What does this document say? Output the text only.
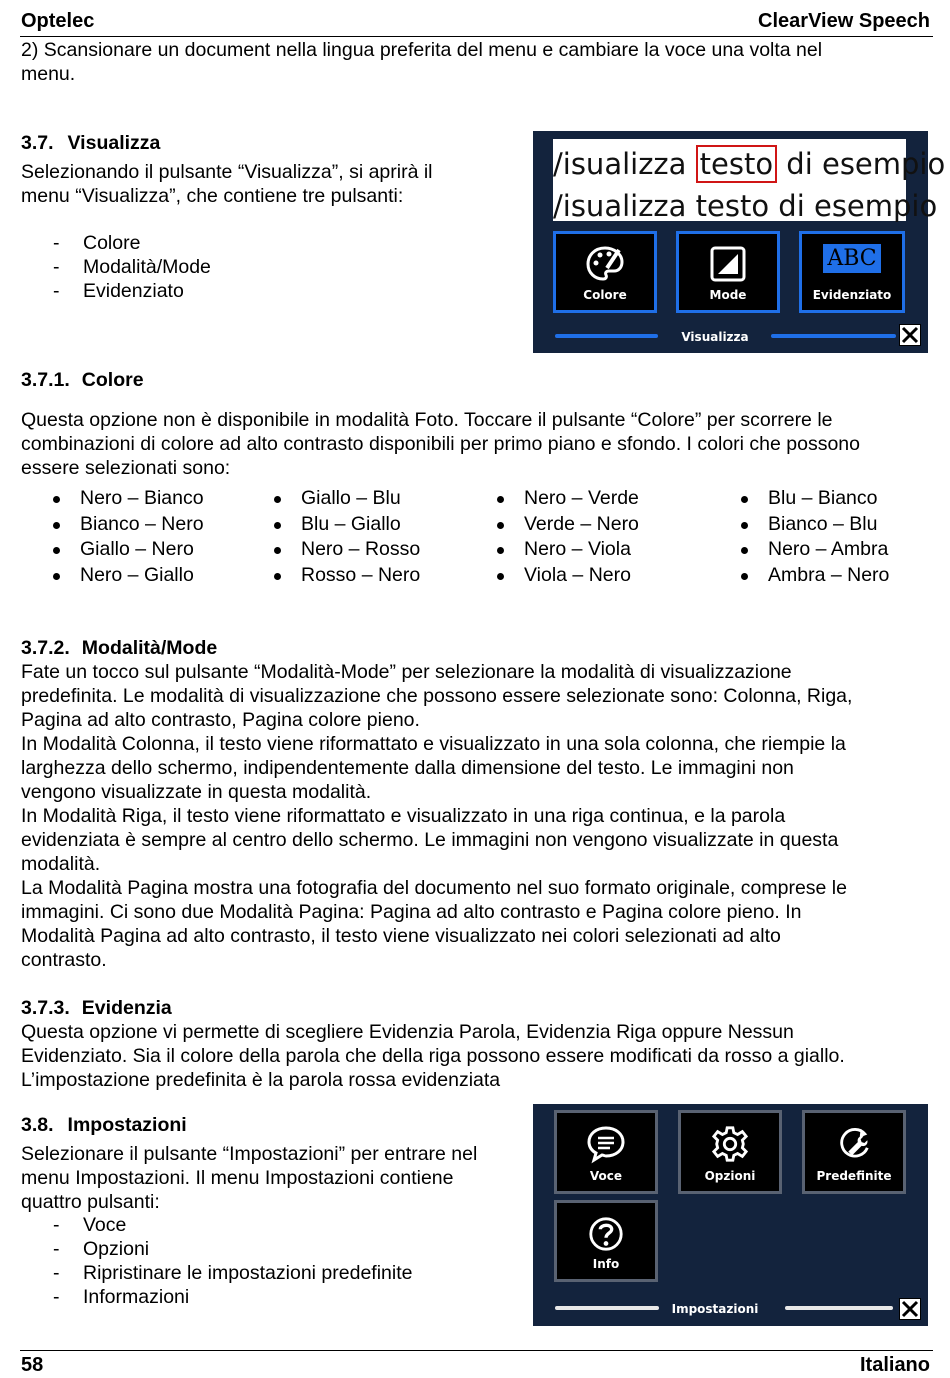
Optelec	ClearView Speech
2) Scansionare un document nella lingua preferita del menu e cambiare la voce una volta nel
menu.
3.7. Visualizza
Selezionando il pulsante “Visualizza”, si aprirà il
menu “Visualizza”, che contiene tre pulsanti:
- Colore
- Modalità/Mode
- Evidenziato
/isualizza testo di esempio
/isualizza testo di esempio
Colore	Mode
ABC
Evidenziato
Visualizza
3.7.1. Colore
Questa opzione non è disponibile in modalità Foto. Toccare il pulsante “Colore” per scorrere le
combinazioni di colore ad alto contrasto disponibili per primo piano e sfondo. I colori che possono
essere selezionati sono:
Nero – Bianco
Bianco – Nero
Giallo – Nero
Nero – Giallo
Giallo – Blu
Blu – Giallo
Nero – Rosso
Rosso – Nero
Nero – Verde
Verde – Nero
Nero – Viola
Viola – Nero
Blu – Bianco
Bianco – Blu
Nero – Ambra
Ambra – Nero
3.7.2. Modalità/Mode
Fate un tocco sul pulsante “Modalità-Mode” per selezionare la modalità di visualizzazione
predefinita. Le modalità di visualizzazione che possono essere selezionate sono: Colonna, Riga,
Pagina ad alto contrasto, Pagina colore pieno.
In Modalità Colonna, il testo viene riformattato e visualizzato in una sola colonna, che riempie la
larghezza dello schermo, indipendentemente dalla dimensione del testo. Le immagini non
vengono visualizzate in questa modalità.
In Modalità Riga, il testo viene riformattato e visualizzato in una riga continua, e la parola
evidenziata è sempre al centro dello schermo. Le immagini non vengono visualizzate in questa
modalità.
La Modalità Pagina mostra una fotografia del documento nel suo formato originale, comprese le
immagini. Ci sono due Modalità Pagina: Pagina ad alto contrasto e Pagina colore pieno. In
Modalità Pagina ad alto contrasto, il testo viene visualizzato nei colori selezionati ad alto
contrasto.
3.7.3. Evidenzia
Questa opzione vi permette di scegliere Evidenzia Parola, Evidenzia Riga oppure Nessun
Evidenziato. Sia il colore della parola che della riga possono essere modificati da rosso a giallo.
L’impostazione predefinita è la parola rossa evidenziata
3.8. Impostazioni
Selezionare il pulsante “Impostazioni” per entrare nel
menu Impostazioni. Il menu Impostazioni contiene
quattro pulsanti:
- Voce
- Opzioni
- Ripristinare le impostazioni predefinite
- Informazioni
Voce	Opzioni	Predefinite
Info
Impostazioni
58	Italiano
